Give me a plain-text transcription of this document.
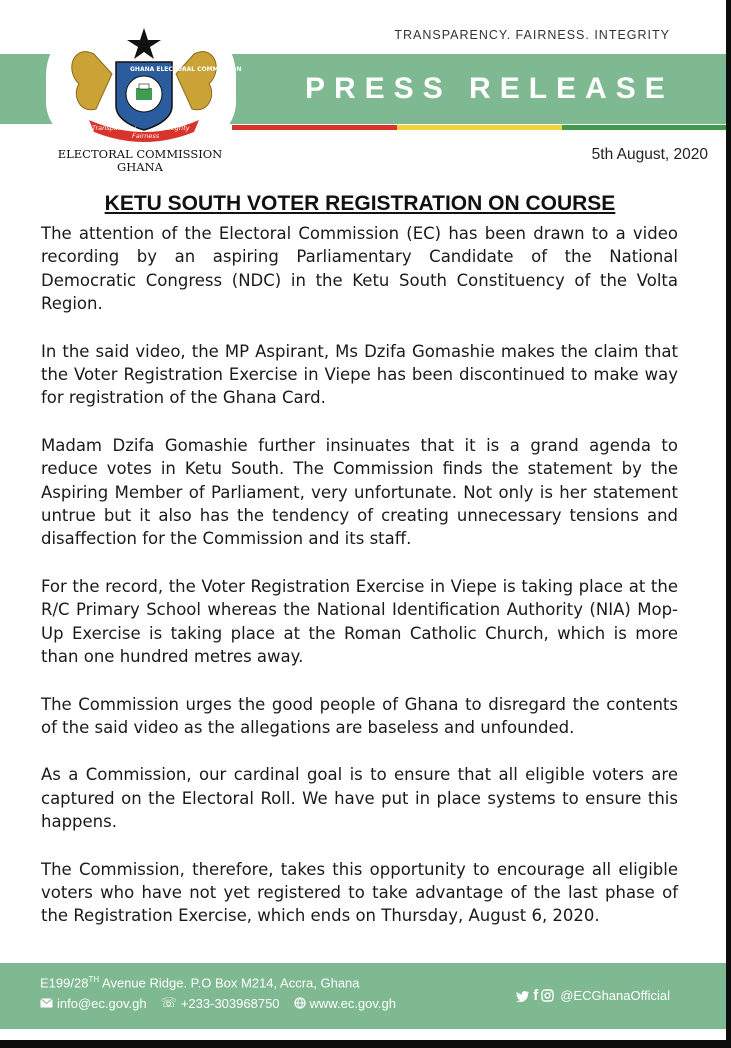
TRANSPARENCY. FAIRNESS. INTEGRITY
PRESS RELEASE
GHANA ELECTORAL COMMISSION
Transparency
Fairness
Integrity
ELECTORAL COMMISSION
GHANA
5th August, 2020
KETU SOUTH VOTER REGISTRATION ON COURSE

The attention of the Electoral Commission (EC) has been drawn to a video recording by an aspiring Parliamentary Candidate of the National Democratic Congress (NDC) in the Ketu South Constituency of the Volta Region.

In the said video, the MP Aspirant, Ms Dzifa Gomashie makes the claim that the Voter Registration Exercise in Viepe has been discontinued to make way for registration of the Ghana Card.

Madam Dzifa Gomashie further insinuates that it is a grand agenda to reduce votes in Ketu South. The Commission finds the statement by the Aspiring Member of Parliament, very unfortunate. Not only is her statement untrue but it also has the tendency of creating unnecessary tensions and disaffection for the Commission and its staff.

For the record, the Voter Registration Exercise in Viepe is taking place at the R/C Primary School whereas the National Identification Authority (NIA) Mop-Up Exercise is taking place at the Roman Catholic Church, which is more than one hundred metres away.

The Commission urges the good people of Ghana to disregard the contents of the said video as the allegations are baseless and unfounded.

As a Commission, our cardinal goal is to ensure that all eligible voters are captured on the Electoral Roll. We have put in place systems to ensure this happens.

The Commission, therefore, takes this opportunity to encourage all eligible voters who have not yet registered to take advantage of the last phase of the Registration Exercise, which ends on Thursday, August 6, 2020.

E199/28TH Avenue Ridge. P.O Box M214, Accra, Ghana
info@ec.gov.gh ☏ +233-303968750 www.ec.gov.gh	f @ECGhanaOfficial
